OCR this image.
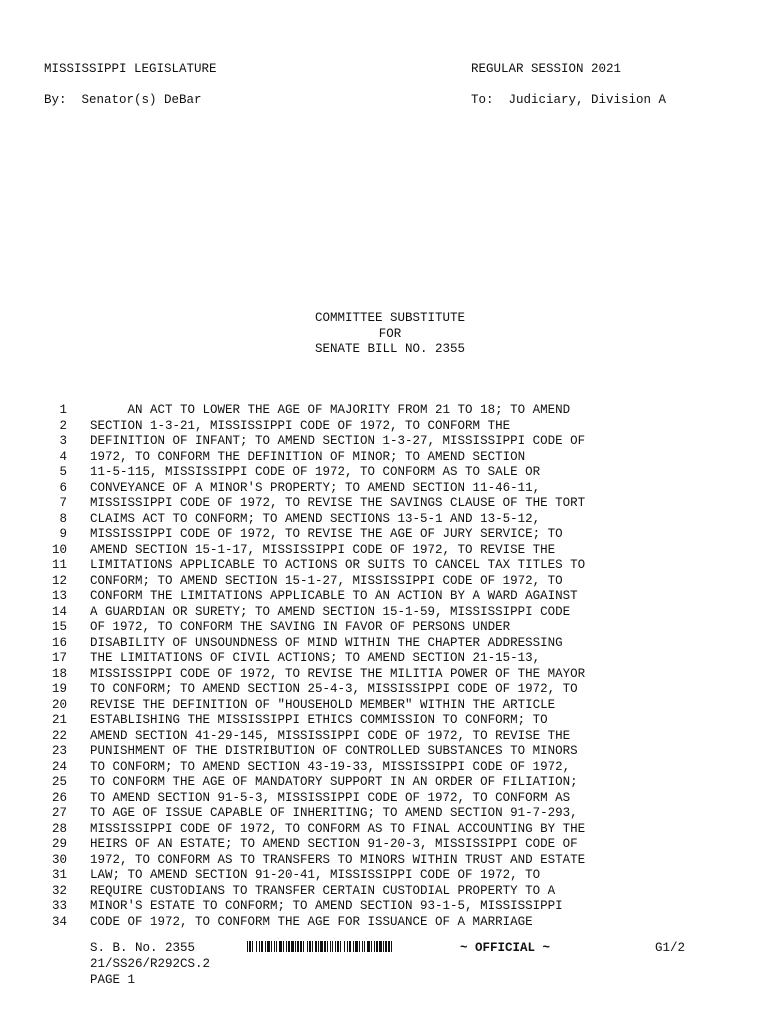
MISSISSIPPI LEGISLATURE	REGULAR SESSION 2021
By:  Senator(s) DeBar	To:  Judiciary, Division A
COMMITTEE SUBSTITUTE
FOR
SENATE BILL NO. 2355
1 AN ACT TO LOWER THE AGE OF MAJORITY FROM 21 TO 18; TO AMEND
2 SECTION 1-3-21, MISSISSIPPI CODE OF 1972, TO CONFORM THE
3 DEFINITION OF INFANT; TO AMEND SECTION 1-3-27, MISSISSIPPI CODE OF
4 1972, TO CONFORM THE DEFINITION OF MINOR; TO AMEND SECTION
5 11-5-115, MISSISSIPPI CODE OF 1972, TO CONFORM AS TO SALE OR
6 CONVEYANCE OF A MINOR'S PROPERTY; TO AMEND SECTION 11-46-11,
7 MISSISSIPPI CODE OF 1972, TO REVISE THE SAVINGS CLAUSE OF THE TORT
8 CLAIMS ACT TO CONFORM; TO AMEND SECTIONS 13-5-1 AND 13-5-12,
9 MISSISSIPPI CODE OF 1972, TO REVISE THE AGE OF JURY SERVICE; TO
10 AMEND SECTION 15-1-17, MISSISSIPPI CODE OF 1972, TO REVISE THE
11 LIMITATIONS APPLICABLE TO ACTIONS OR SUITS TO CANCEL TAX TITLES TO
12 CONFORM; TO AMEND SECTION 15-1-27, MISSISSIPPI CODE OF 1972, TO
13 CONFORM THE LIMITATIONS APPLICABLE TO AN ACTION BY A WARD AGAINST
14 A GUARDIAN OR SURETY; TO AMEND SECTION 15-1-59, MISSISSIPPI CODE
15 OF 1972, TO CONFORM THE SAVING IN FAVOR OF PERSONS UNDER
16 DISABILITY OF UNSOUNDNESS OF MIND WITHIN THE CHAPTER ADDRESSING
17 THE LIMITATIONS OF CIVIL ACTIONS; TO AMEND SECTION 21-15-13,
18 MISSISSIPPI CODE OF 1972, TO REVISE THE MILITIA POWER OF THE MAYOR
19 TO CONFORM; TO AMEND SECTION 25-4-3, MISSISSIPPI CODE OF 1972, TO
20 REVISE THE DEFINITION OF "HOUSEHOLD MEMBER" WITHIN THE ARTICLE
21 ESTABLISHING THE MISSISSIPPI ETHICS COMMISSION TO CONFORM; TO
22 AMEND SECTION 41-29-145, MISSISSIPPI CODE OF 1972, TO REVISE THE
23 PUNISHMENT OF THE DISTRIBUTION OF CONTROLLED SUBSTANCES TO MINORS
24 TO CONFORM; TO AMEND SECTION 43-19-33, MISSISSIPPI CODE OF 1972,
25 TO CONFORM THE AGE OF MANDATORY SUPPORT IN AN ORDER OF FILIATION;
26 TO AMEND SECTION 91-5-3, MISSISSIPPI CODE OF 1972, TO CONFORM AS
27 TO AGE OF ISSUE CAPABLE OF INHERITING; TO AMEND SECTION 91-7-293,
28 MISSISSIPPI CODE OF 1972, TO CONFORM AS TO FINAL ACCOUNTING BY THE
29 HEIRS OF AN ESTATE; TO AMEND SECTION 91-20-3, MISSISSIPPI CODE OF
30 1972, TO CONFORM AS TO TRANSFERS TO MINORS WITHIN TRUST AND ESTATE
31 LAW; TO AMEND SECTION 91-20-41, MISSISSIPPI CODE OF 1972, TO
32 REQUIRE CUSTODIANS TO TRANSFER CERTAIN CUSTODIAL PROPERTY TO A
33 MINOR'S ESTATE TO CONFORM; TO AMEND SECTION 93-1-5, MISSISSIPPI
34 CODE OF 1972, TO CONFORM THE AGE FOR ISSUANCE OF A MARRIAGE
S. B. No. 2355	~ OFFICIAL ~	G1/2
21/SS26/R292CS.2
PAGE 1
